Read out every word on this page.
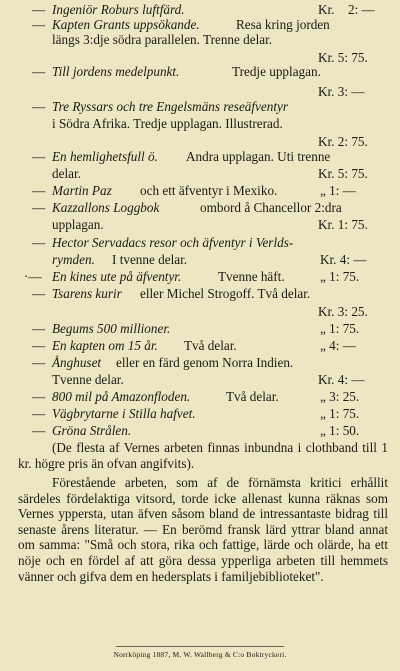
— Ingeniör Roburs luftfärd.	Kr. 2: —
— Kapten Grants uppsökande.	Resa kring jorden
längs 3:dje södra parallelen. Trenne delar.
Kr. 5: 75.
— Till jordens medelpunkt.	Tredje upplagan.
Kr. 3: —
— Tre Ryssars och tre Engelsmäns reseäfventyr
i Södra Afrika. Tredje upplagan. Illustrerad.
Kr. 2: 75.
— En hemlighetsfull ö. Andra upplagan. Uti trenne
delar.	Kr. 5: 75.
— Martin Paz och ett äfventyr i Mexiko.	„ 1: —
— Kazzallons Loggbok	ombord å Chancellor 2:dra
upplagan.	Kr. 1: 75.
— Hector Servadacs resor och äfventyr i Verlds-
rymden. I tvenne delar.	Kr. 4: —
·— En kines ute på äfventyr.	Tvenne häft.	„ 1: 75.
— Tsarens kurir eller Michel Strogoff. Två delar.
Kr. 3: 25.
— Begums 500 millioner.	„ 1: 75.
— En kapten om 15 år. Två delar.	„ 4: —
— Ånghuset eller en färd genom Norra Indien.
Tvenne delar.	Kr. 4: —
— 800 mil på Amazonfloden.	Två delar.	„ 3: 25.
— Vägbrytarne i Stilla hafvet.	„ 1: 75.
— Gröna Strålen.	„ 1: 50.
(De flesta af Vernes arbeten finnas inbundna i clothband till 1 kr. högre pris än ofvan angifvits).
Förestående arbeten, som af de förnämsta kritici erhållit särdeles fördelaktiga vitsord, torde icke allenast kunna räknas som Vernes yppersta, utan äfven såsom bland de intressantaste bidrag till senaste årens literatur. — En berömd fransk lärd yttrar bland annat om samma: "Små och stora, rika och fattige, lärde och olärde, ha ett nöje och en fördel af att göra dessa ypperliga arbeten till hemmets vänner och gifva dem en hedersplats i familjebiblioteket".
Norrköping 1887, M. W. Wallberg & C:o Boktryckeri.
